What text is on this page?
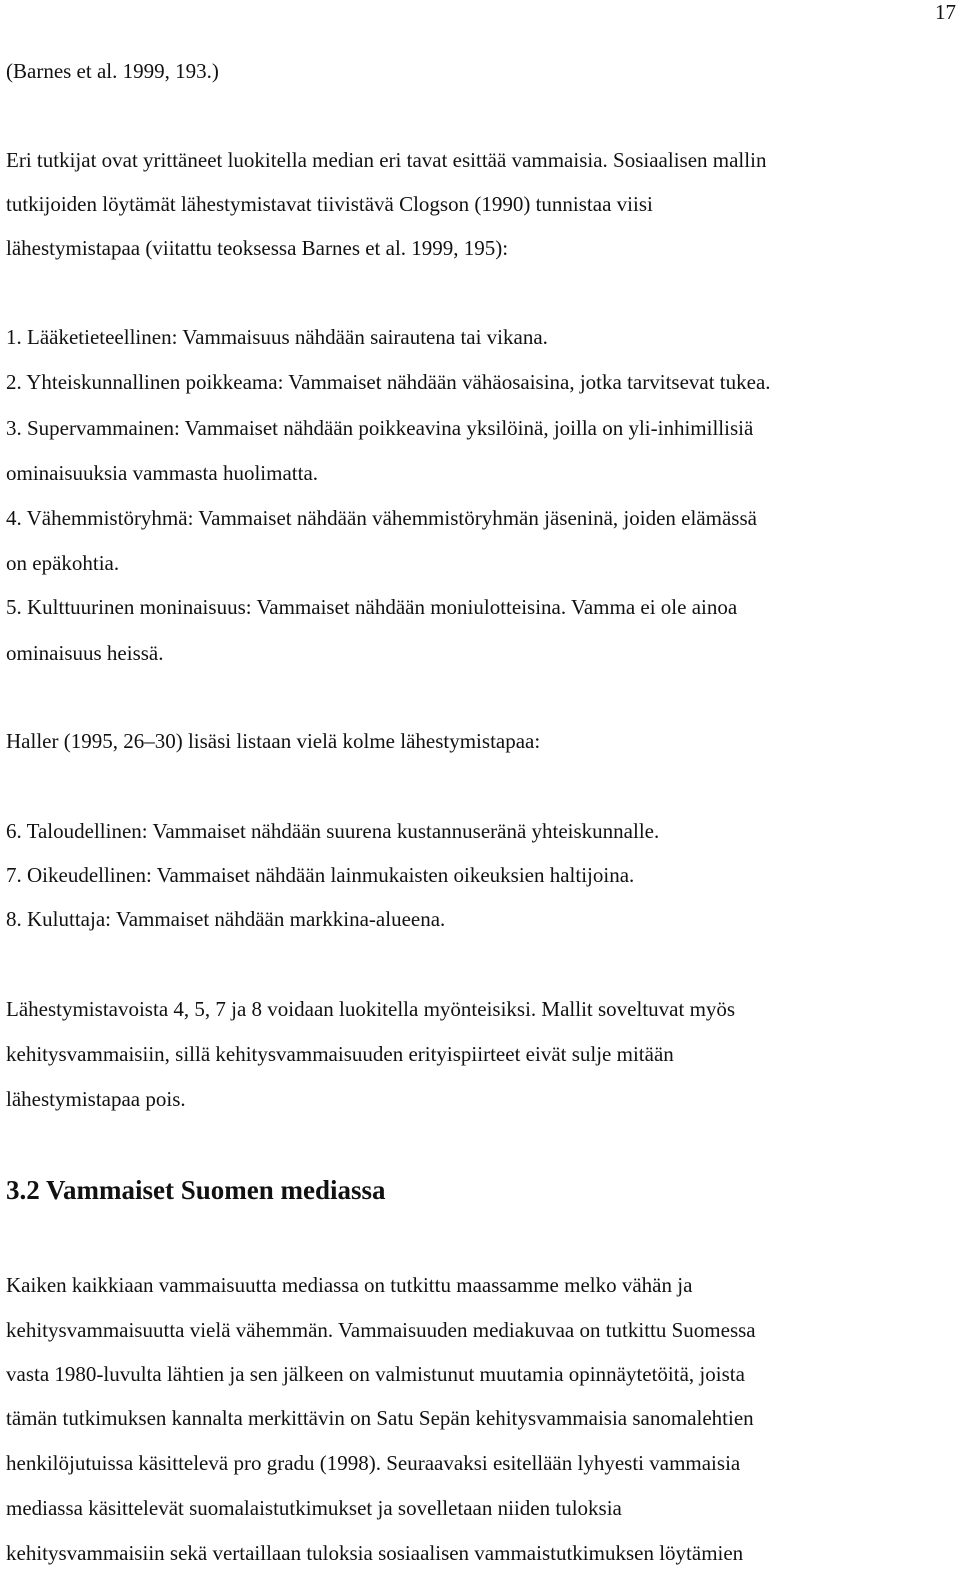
17
(Barnes et al. 1999, 193.)
Eri tutkijat ovat yrittäneet luokitella median eri tavat esittää vammaisia. Sosiaalisen mallin
tutkijoiden löytämät lähestymistavat tiivistävä Clogson (1990) tunnistaa viisi
lähestymistapaa (viitattu teoksessa Barnes et al. 1999, 195):
1. Lääketieteellinen: Vammaisuus nähdään sairautena tai vikana.
2. Yhteiskunnallinen poikkeama: Vammaiset nähdään vähäosaisina, jotka tarvitsevat tukea.
3. Supervammainen: Vammaiset nähdään poikkeavina yksilöinä, joilla on yli-inhimillisiä
ominaisuuksia vammasta huolimatta.
4. Vähemmistöryhmä: Vammaiset nähdään vähemmistöryhmän jäseninä, joiden elämässä
on epäkohtia.
5. Kulttuurinen moninaisuus: Vammaiset nähdään moniulotteisina. Vamma ei ole ainoa
ominaisuus heissä.
Haller (1995, 26–30) lisäsi listaan vielä kolme lähestymistapaa:
6. Taloudellinen: Vammaiset nähdään suurena kustannuseränä yhteiskunnalle.
7. Oikeudellinen: Vammaiset nähdään lainmukaisten oikeuksien haltijoina.
8. Kuluttaja: Vammaiset nähdään markkina-alueena.
Lähestymistavoista 4, 5, 7 ja 8 voidaan luokitella myönteisiksi. Mallit soveltuvat myös
kehitysvammaisiin, sillä kehitysvammaisuuden erityispiirteet eivät sulje mitään
lähestymistapaa pois.
3.2 Vammaiset Suomen mediassa
Kaiken kaikkiaan vammaisuutta mediassa on tutkittu maassamme melko vähän ja
kehitysvammaisuutta vielä vähemmän. Vammaisuuden mediakuvaa on tutkittu Suomessa
vasta 1980-luvulta lähtien ja sen jälkeen on valmistunut muutamia opinnäytetöitä, joista
tämän tutkimuksen kannalta merkittävin on Satu Sepän kehitysvammaisia sanomalehtien
henkilöjutuissa käsittelevä pro gradu (1998). Seuraavaksi esitellään lyhyesti vammaisia
mediassa käsittelevät suomalaistutkimukset ja sovelletaan niiden tuloksia
kehitysvammaisiin sekä vertaillaan tuloksia sosiaalisen vammaistutkimuksen löytämien
